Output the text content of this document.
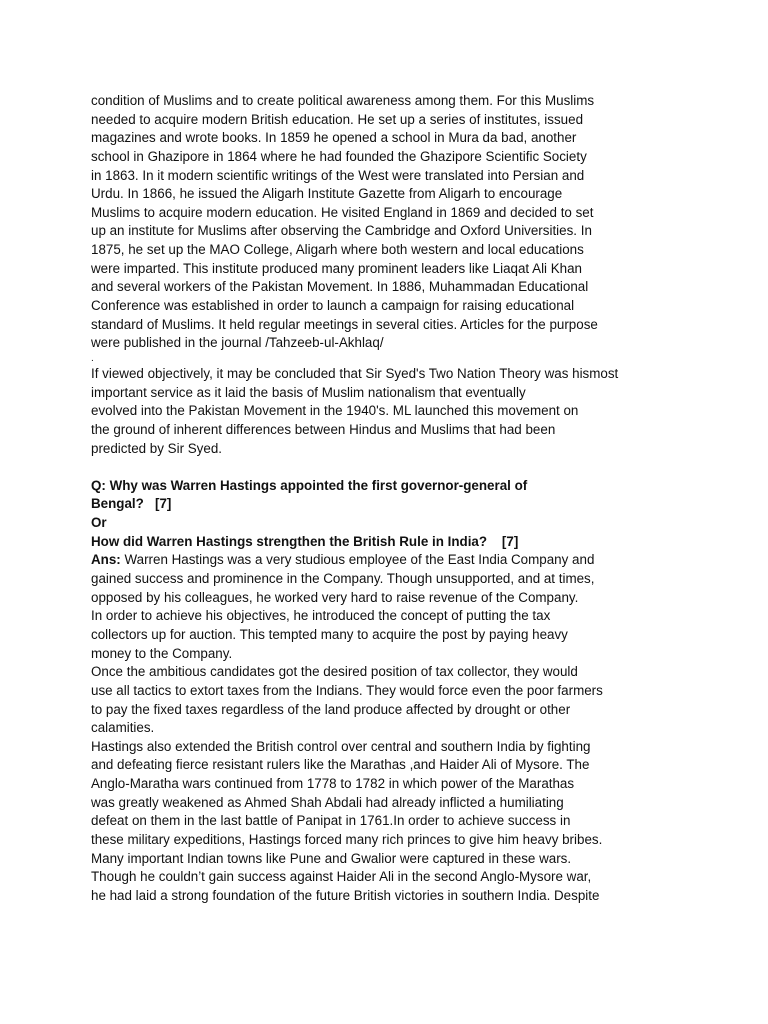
condition of Muslims and to create political awareness among them. For this Muslims
needed to acquire modern British education. He set up a series of institutes, issued
magazines and wrote books. In 1859 he opened a school in Mura da bad, another
school in Ghazipore in 1864 where he had founded the Ghazipore Scientific Society
in 1863. In it modern scientific writings of the West were translated into Persian and
Urdu. In 1866, he issued the Aligarh Institute Gazette from Aligarh to encourage
Muslims to acquire modern education. He visited England in 1869 and decided to set
up an institute for Muslims after observing the Cambridge and Oxford Universities. In
1875, he set up the MAO College, Aligarh where both western and local educations
were imparted. This institute produced many prominent leaders like Liaqat Ali Khan
and several workers of the Pakistan Movement. In 1886, Muhammadan Educational
Conference was established in order to launch a campaign for raising educational
standard of Muslims. It held regular meetings in several cities. Articles for the purpose
were published in the journal /Tahzeeb-ul-Akhlaq/
.
If viewed objectively, it may be concluded that Sir Syed's Two Nation Theory was hismost
important service as it laid the basis of Muslim nationalism that eventually
evolved into the Pakistan Movement in the 1940's. ML launched this movement on
the ground of inherent differences between Hindus and Muslims that had been
predicted by Sir Syed.
Q: Why was Warren Hastings appointed the first governor-general of
Bengal?   [7]
Or
How did Warren Hastings strengthen the British Rule in India?    [7]
Ans: Warren Hastings was a very studious employee of the East India Company and
gained success and prominence in the Company. Though unsupported, and at times,
opposed by his colleagues, he worked very hard to raise revenue of the Company.
In order to achieve his objectives, he introduced the concept of putting the tax
collectors up for auction. This tempted many to acquire the post by paying heavy
money to the Company.
Once the ambitious candidates got the desired position of tax collector, they would
use all tactics to extort taxes from the Indians. They would force even the poor farmers
to pay the fixed taxes regardless of the land produce affected by drought or other
calamities.
Hastings also extended the British control over central and southern India by fighting
and defeating fierce resistant rulers like the Marathas ,and Haider Ali of Mysore. The
Anglo-Maratha wars continued from 1778 to 1782 in which power of the Marathas
was greatly weakened as Ahmed Shah Abdali had already inflicted a humiliating
defeat on them in the last battle of Panipat in 1761.In order to achieve success in
these military expeditions, Hastings forced many rich princes to give him heavy bribes.
Many important Indian towns like Pune and Gwalior were captured in these wars.
Though he couldn’t gain success against Haider Ali in the second Anglo-Mysore war,
he had laid a strong foundation of the future British victories in southern India. Despite
